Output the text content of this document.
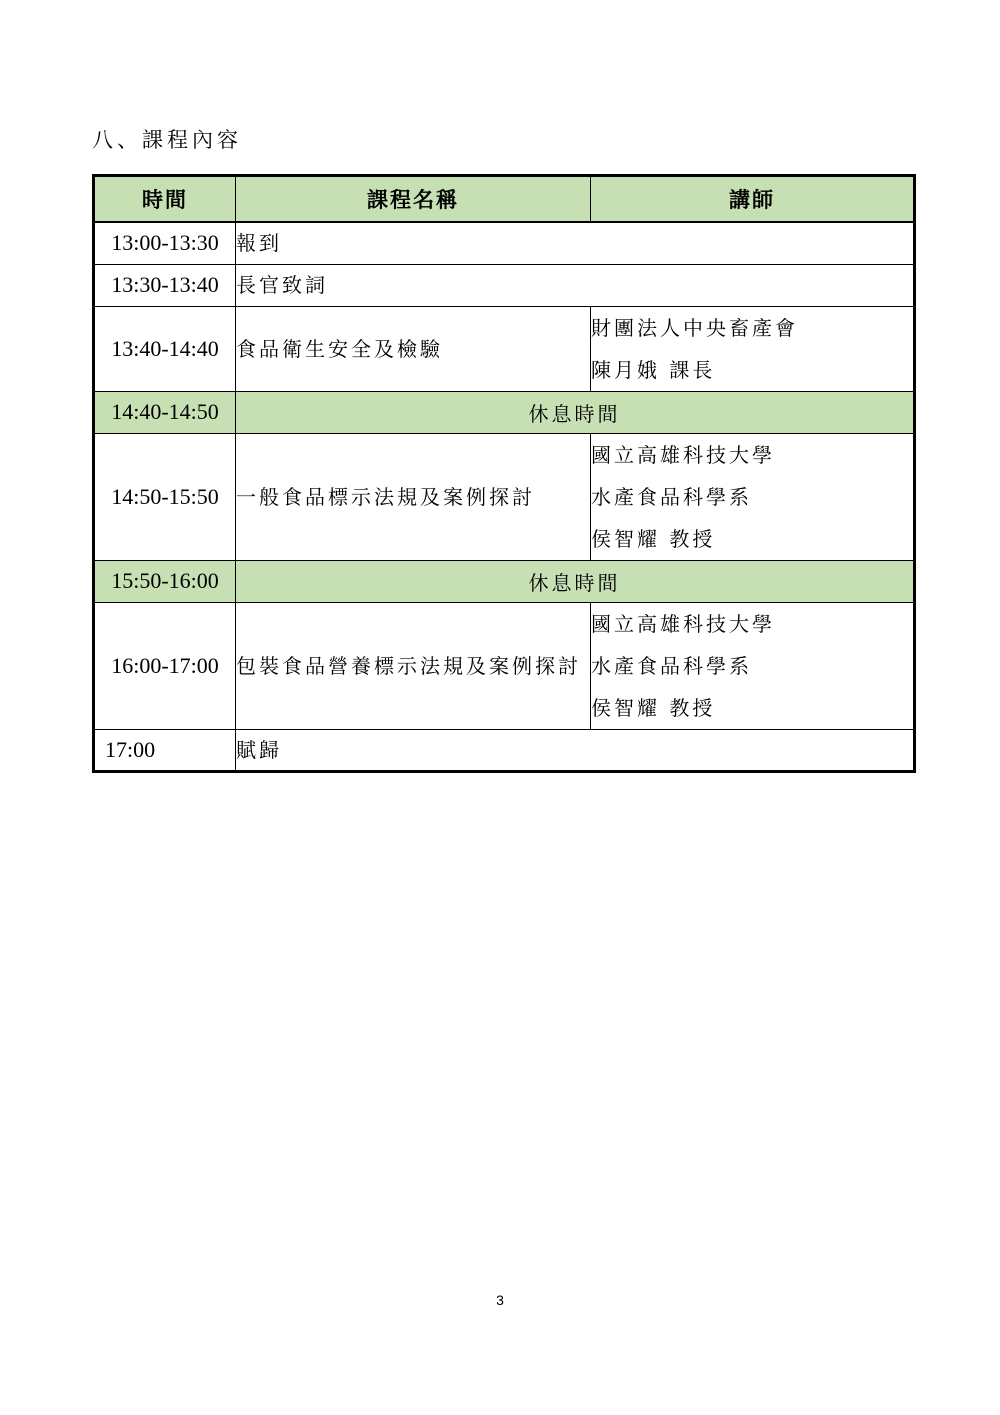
八、課程內容
時間	課程名稱	講師
13:00-13:30	報到	
13:30-13:40	長官致詞	
13:40-14:40	食品衛生安全及檢驗	財團法人中央畜產會
陳月娥 課長

14:40-14:50	休息時間	
14:50-15:50	一般食品標示法規及案例探討	國立高雄科技大學
水產食品科學系
侯智耀 教授

15:50-16:00	休息時間	
16:00-17:00	包裝食品營養標示法規及案例探討	國立高雄科技大學
水產食品科學系
侯智耀 教授

17:00	賦歸	
3
